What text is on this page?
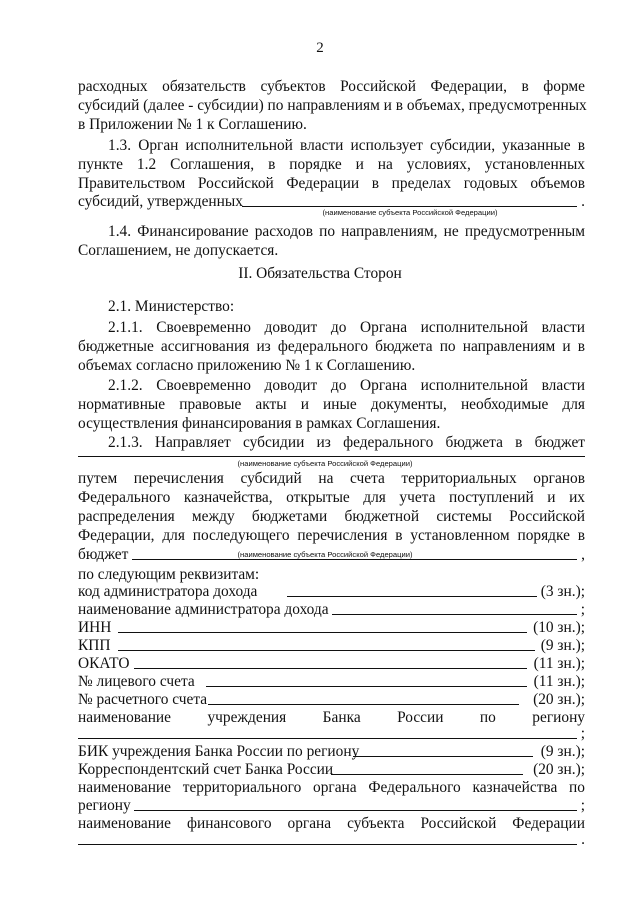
2
расходных обязательств субъектов Российской Федерации, в форме
субсидий (далее - субсидии) по направлениям и в объемах, предусмотренных
в Приложении № 1 к Соглашению.
1.3. Орган исполнительной власти использует субсидии, указанные в
пункте 1.2 Соглашения, в порядке и на условиях, установленных
Правительством Российской Федерации в пределах годовых объемов
субсидий, утвержденных	.
(наименование субъекта Российской Федерации)
1.4. Финансирование расходов по направлениям, не предусмотренным
Соглашением, не допускается.
II. Обязательства Сторон
2.1. Министерство:
2.1.1. Своевременно доводит до Органа исполнительной власти
бюджетные ассигнования из федерального бюджета по направлениям и в
объемах согласно приложению № 1 к Соглашению.
2.1.2. Своевременно доводит до Органа исполнительной власти
нормативные правовые акты и иные документы, необходимые для
осуществления финансирования в рамках Соглашения.
2.1.3. Направляет субсидии из федерального бюджета в бюджет
(наименование субъекта Российской Федерации)
путем перечисления субсидий на счета территориальных органов
Федерального казначейства, открытые для учета поступлений и их
распределения между бюджетами бюджетной системы Российской
Федерации, для последующего перечисления в установленном порядке в
бюджет	,
(наименование субъекта Российской Федерации)
по следующим реквизитам:
код администратора дохода	(3 зн.);
наименование администратора дохода	;
ИНН	(10 зн.);
КПП	(9 зн.);
ОКАТО	(11 зн.);
№ лицевого счета	(11 зн.);
№ расчетного счета	(20 зн.);
наименование учреждения Банка России по региону
;
БИК учреждения Банка России по региону	(9 зн.);
Корреспондентский счет Банка России	(20 зн.);
наименование территориального органа Федерального казначейства по
региону	;
наименование финансового органа субъекта Российской Федерации
.
